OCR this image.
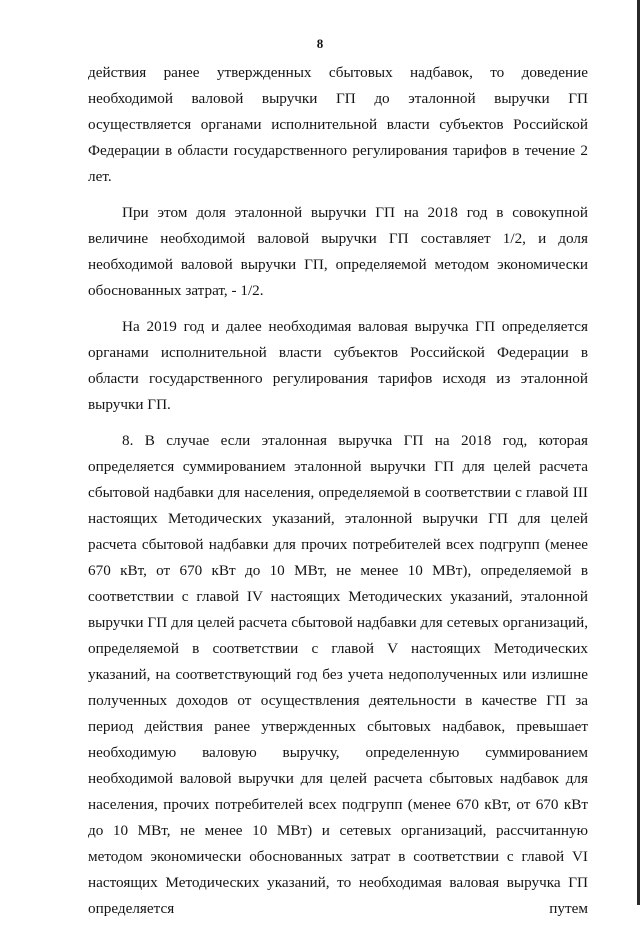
8

действия ранее утвержденных сбытовых надбавок, то доведение необходимой валовой выручки ГП до эталонной выручки ГП осуществляется органами исполнительной власти субъектов Российской Федерации в области государственного регулирования тарифов в течение 2 лет.

При этом доля эталонной выручки ГП на 2018 год в совокупной величине необходимой валовой выручки ГП составляет 1/2, и доля необходимой валовой выручки ГП, определяемой методом экономически обоснованных затрат, - 1/2.

На 2019 год и далее необходимая валовая выручка ГП определяется органами исполнительной власти субъектов Российской Федерации в области государственного регулирования тарифов исходя из эталонной выручки ГП.

8. В случае если эталонная выручка ГП на 2018 год, которая определяется суммированием эталонной выручки ГП для целей расчета сбытовой надбавки для населения, определяемой в соответствии с главой III настоящих Методических указаний, эталонной выручки ГП для целей расчета сбытовой надбавки для прочих потребителей всех подгрупп (менее 670 кВт, от 670 кВт до 10 МВт, не менее 10 МВт), определяемой в соответствии с главой IV настоящих Методических указаний, эталонной выручки ГП для целей расчета сбытовой надбавки для сетевых организаций, определяемой в соответствии с главой V настоящих Методических указаний, на соответствующий год без учета недополученных или излишне полученных доходов от осуществления деятельности в качестве ГП за период действия ранее утвержденных сбытовых надбавок, превышает необходимую валовую выручку, определенную суммированием необходимой валовой выручки для целей расчета сбытовых надбавок для населения, прочих потребителей всех подгрупп (менее 670 кВт, от 670 кВт до 10 МВт, не менее 10 МВт) и сетевых организаций, рассчитанную методом экономически обоснованных затрат в соответствии с главой VI настоящих Методических указаний, то необходимая валовая выручка ГП определяется путем
